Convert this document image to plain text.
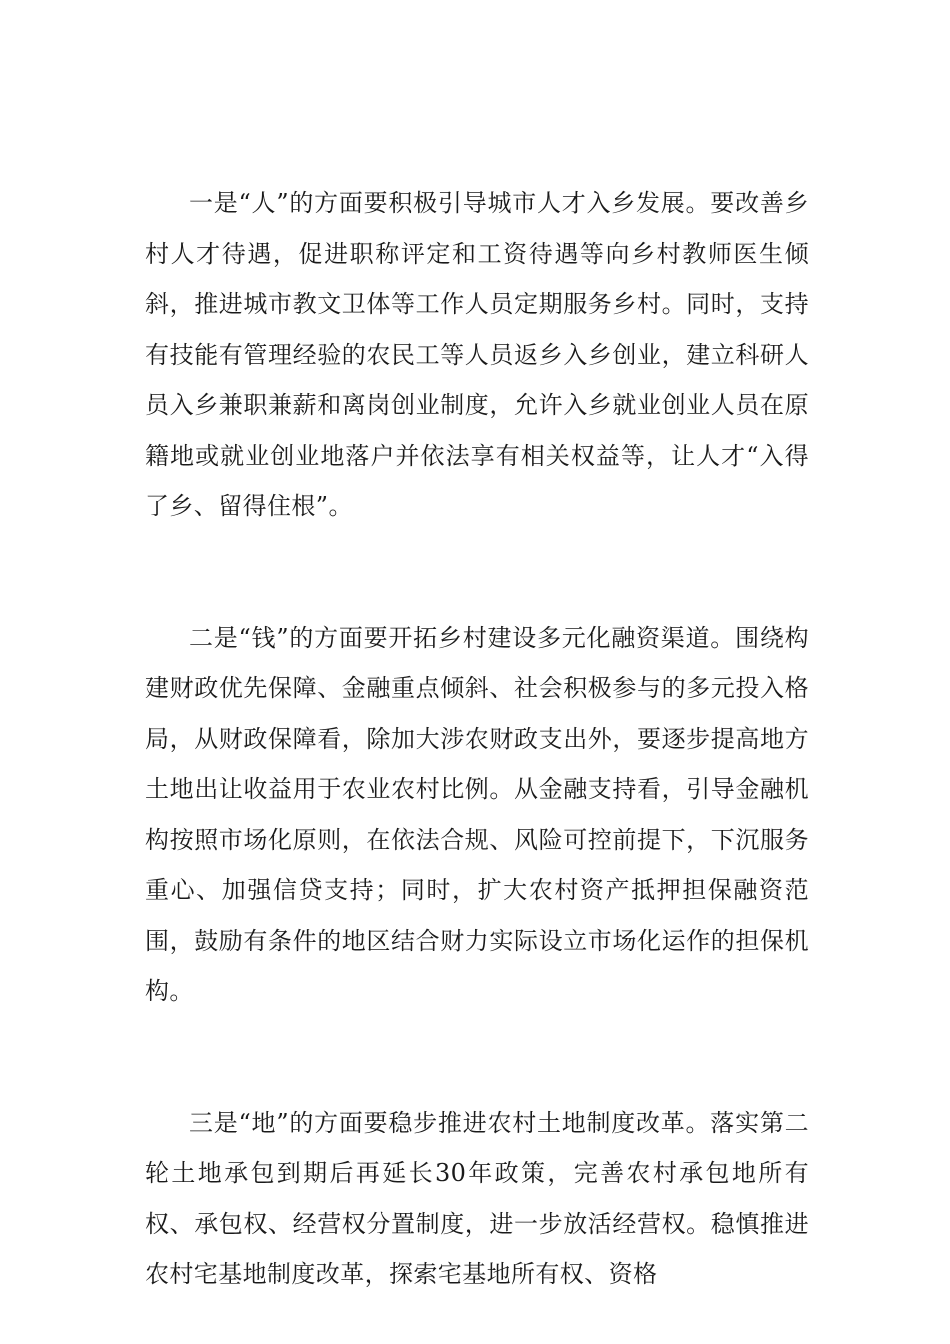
一是“人”的方面要积极引导城市人才入乡发展。要改善乡村人才待遇，促进职称评定和工资待遇等向乡村教师医生倾斜，推进城市教文卫体等工作人员定期服务乡村。同时，支持有技能有管理经验的农民工等人员返乡入乡创业，建立科研人员入乡兼职兼薪和离岗创业制度，允许入乡就业创业人员在原籍地或就业创业地落户并依法享有相关权益等，让人才“入得了乡、留得住根”。

二是“钱”的方面要开拓乡村建设多元化融资渠道。围绕构建财政优先保障、金融重点倾斜、社会积极参与的多元投入格局，从财政保障看，除加大涉农财政支出外，要逐步提高地方土地出让收益用于农业农村比例。从金融支持看，引导金融机构按照市场化原则，在依法合规、风险可控前提下，下沉服务重心、加强信贷支持；同时，扩大农村资产抵押担保融资范围，鼓励有条件的地区结合财力实际设立市场化运作的担保机构。

三是“地”的方面要稳步推进农村土地制度改革。落实第二轮土地承包到期后再延长30年政策，完善农村承包地所有权、承包权、经营权分置制度，进一步放活经营权。稳慎推进农村宅基地制度改革，探索宅基地所有权、资格
